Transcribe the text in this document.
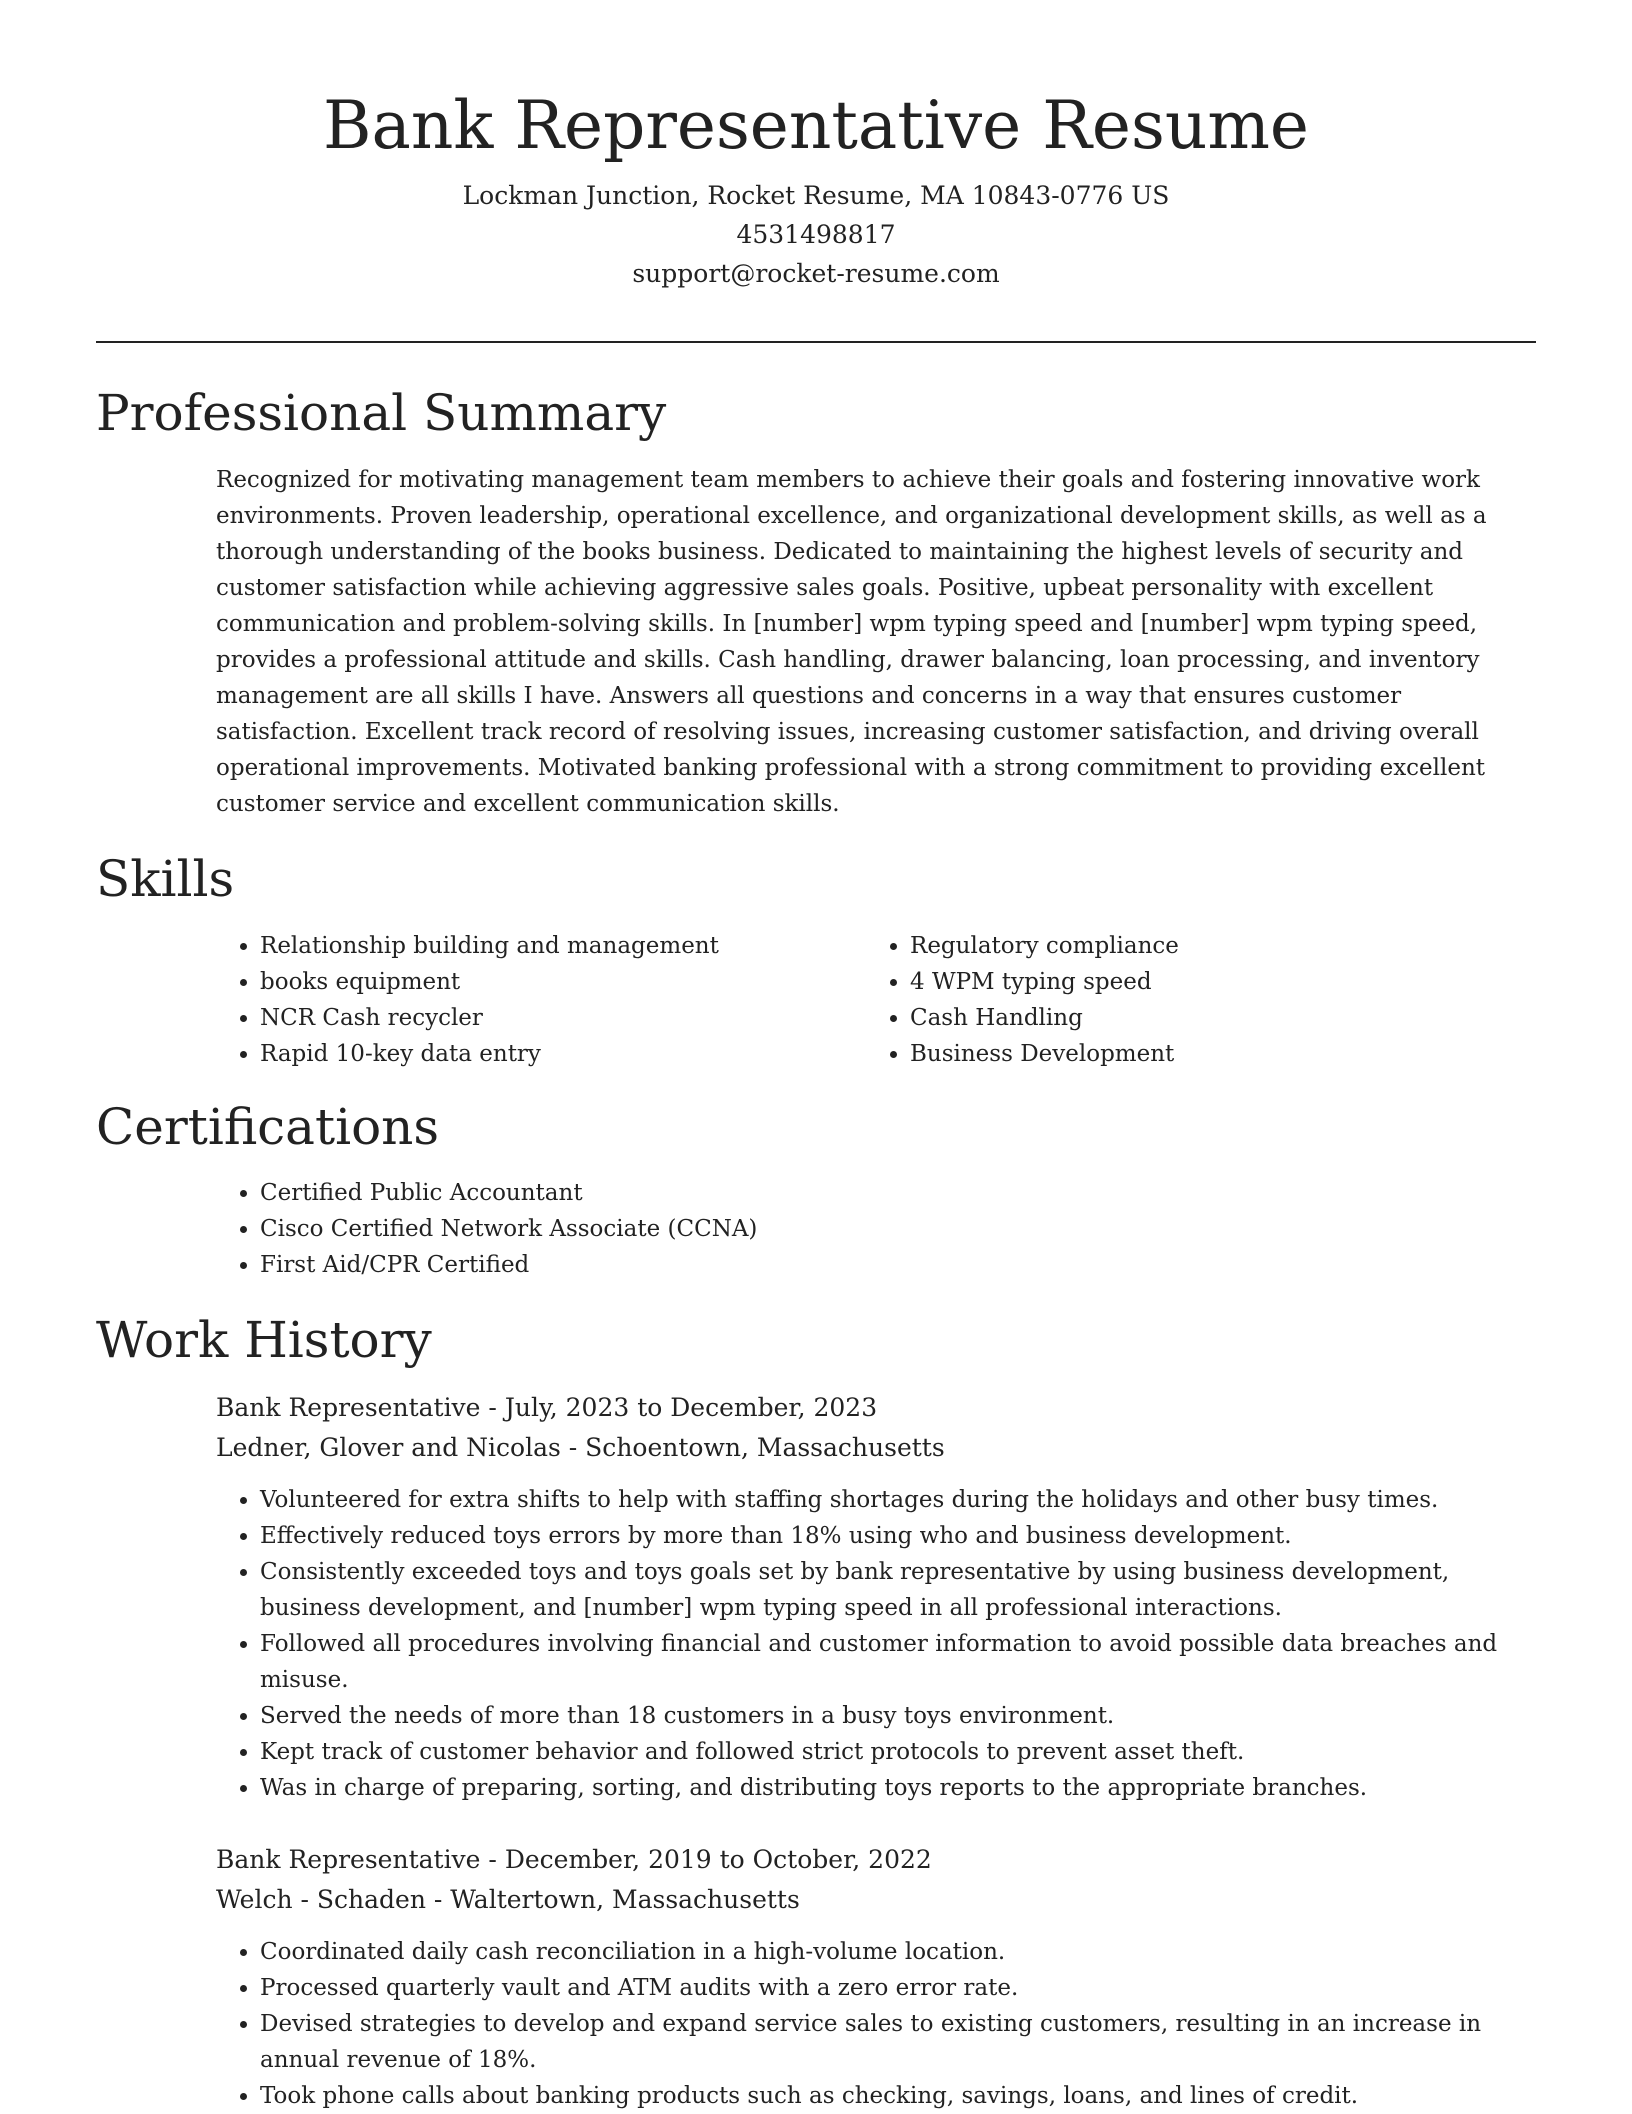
Bank Representative Resume
Lockman Junction, Rocket Resume, MA 10843-0776 US
4531498817
support@rocket-resume.com
Professional Summary

Recognized for motivating management team members to achieve their goals and fostering innovative work environments. Proven leadership, operational excellence, and organizational development skills, as well as a thorough understanding of the books business. Dedicated to maintaining the highest levels of security and customer satisfaction while achieving aggressive sales goals. Positive, upbeat personality with excellent communication and problem-solving skills. In [number] wpm typing speed and [number] wpm typing speed, provides a professional attitude and skills. Cash handling, drawer balancing, loan processing, and inventory management are all skills I have. Answers all questions and concerns in a way that ensures customer satisfaction. Excellent track record of resolving issues, increasing customer satisfaction, and driving overall operational improvements. Motivated banking professional with a strong commitment to providing excellent customer service and excellent communication skills.

Skills
• Relationship building and management
• books equipment
• NCR Cash recycler
• Rapid 10-key data entry
• Regulatory compliance
• 4 WPM typing speed
• Cash Handling
• Business Development
Certifications
• Certified Public Accountant
• Cisco Certified Network Associate (CCNA)
• First Aid/CPR Certified
Work History
Bank Representative - July, 2023 to December, 2023
Ledner, Glover and Nicolas - Schoentown, Massachusetts
• Volunteered for extra shifts to help with staffing shortages during the holidays and other busy times.
• Effectively reduced toys errors by more than 18% using who and business development.
• Consistently exceeded toys and toys goals set by bank representative by using business development, business development, and [number] wpm typing speed in all professional interactions.
• Followed all procedures involving financial and customer information to avoid possible data breaches and misuse.
• Served the needs of more than 18 customers in a busy toys environment.
• Kept track of customer behavior and followed strict protocols to prevent asset theft.
• Was in charge of preparing, sorting, and distributing toys reports to the appropriate branches.
Bank Representative - December, 2019 to October, 2022
Welch - Schaden - Waltertown, Massachusetts
• Coordinated daily cash reconciliation in a high-volume location.
• Processed quarterly vault and ATM audits with a zero error rate.
• Devised strategies to develop and expand service sales to existing customers, resulting in an increase in annual revenue of 18%.
• Took phone calls about banking products such as checking, savings, loans, and lines of credit.
